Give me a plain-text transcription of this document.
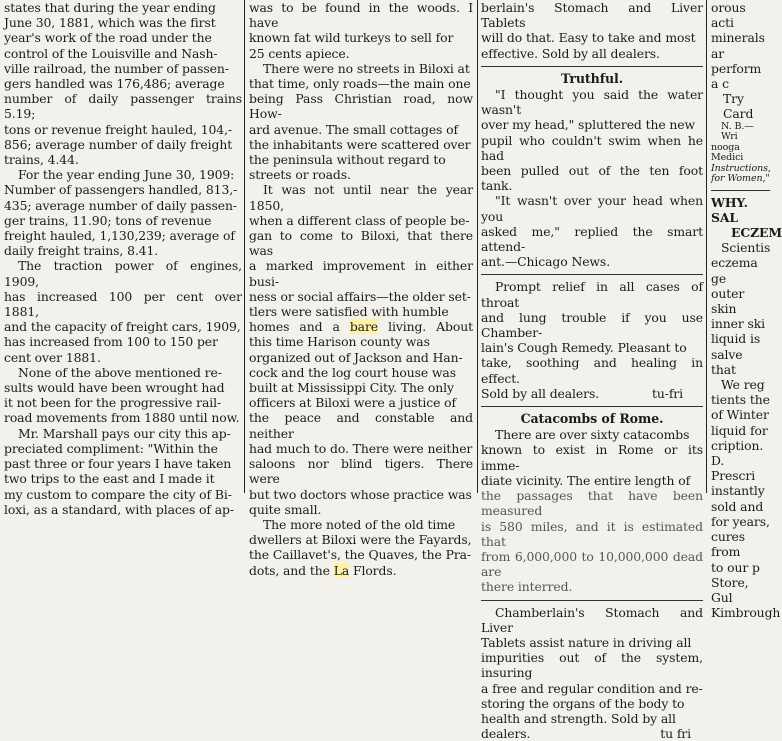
states that during the year ending

June 30, 1881, which was the first

year's work of the road under the

control of the Louisville and Nash-

ville railroad, the number of passen-

gers handled was 176,486; average

number of daily passenger trains 5.19;

tons or revenue freight hauled, 104,-

856; average number of daily freight

trains, 4.44.

For the year ending June 30, 1909:

Number of passengers handled, 813,-

435; average number of daily passen-

ger trains, 11.90; tons of revenue

freight hauled, 1,130,239; average of

daily freight trains, 8.41.

The traction power of engines, 1909,

has increased 100 per cent over 1881,

and the capacity of freight cars, 1909,

has increased from 100 to 150 per

cent over 1881.

None of the above mentioned re-

sults would have been wrought had

it not been for the progressive rail-

road movements from 1880 until now.

Mr. Marshall pays our city this ap-

preciated compliment: "Within the

past three or four years I have taken

two trips to the east and I made it

my custom to compare the city of Bi-

loxi, as a standard, with places of ap-

was to be found in the woods. I have

known fat wild turkeys to sell for

25 cents apiece.

There were no streets in Biloxi at

that time, only roads—the main one

being Pass Christian road, now How-

ard avenue. The small cottages of

the inhabitants were scattered over

the peninsula without regard to

streets or roads.

It was not until near the year 1850,

when a different class of people be-

gan to come to Biloxi, that there was

a marked improvement in either busi-

ness or social affairs—the older set-

tlers were satisfied with humble

homes and a bare living. About

this time Harison county was

organized out of Jackson and Han-

cock and the log court house was

built at Mississippi City. The only

officers at Biloxi were a justice of

the peace and constable and neither

had much to do. There were neither

saloons nor blind tigers. There were

but two doctors whose practice was

quite small.

The more noted of the old time

dwellers at Biloxi were the Fayards,

the Caillavet's, the Quaves, the Pra-

dots, and the La Flords.

berlain's Stomach and Liver Tablets

will do that. Easy to take and most

effective. Sold by all dealers.

Truthful.

"I thought you said the water wasn't

over my head," spluttered the new

pupil who couldn't swim when he had

been pulled out of the ten foot tank.

"It wasn't over your head when you

asked me," replied the smart attend-

ant.—Chicago News.

Prompt relief in all cases of throat

and lung trouble if you use Chamber-

lain's Cough Remedy. Pleasant to

take, soothing and healing in effect.

Sold by all dealers.	tu-fri

Catacombs of Rome.

There are over sixty catacombs

known to exist in Rome or its imme-

diate vicinity. The entire length of

the passages that have been measured

is 580 miles, and it is estimated that

from 6,000,000 to 10,000,000 dead are

there interred.

Chamberlain's Stomach and Liver

Tablets assist nature in driving all

impurities out of the system, insuring

a free and regular condition and re-

storing the organs of the body to

health and strength. Sold by all

dealers.	tu fri

orous acti

minerals ar

perform a c

Try Card

N. B.—Wri

nooga Medici

Instructions,

for Women,"

WHY. SAL

ECZEM

Scientis

eczema ge

outer skin

inner ski

liquid is

salve that

We reg

tients the

of Winter

liquid for

cription.

D. Prescri

instantly

sold and

for years,

cures from

to our p

Store, Gul

Kimbrough
